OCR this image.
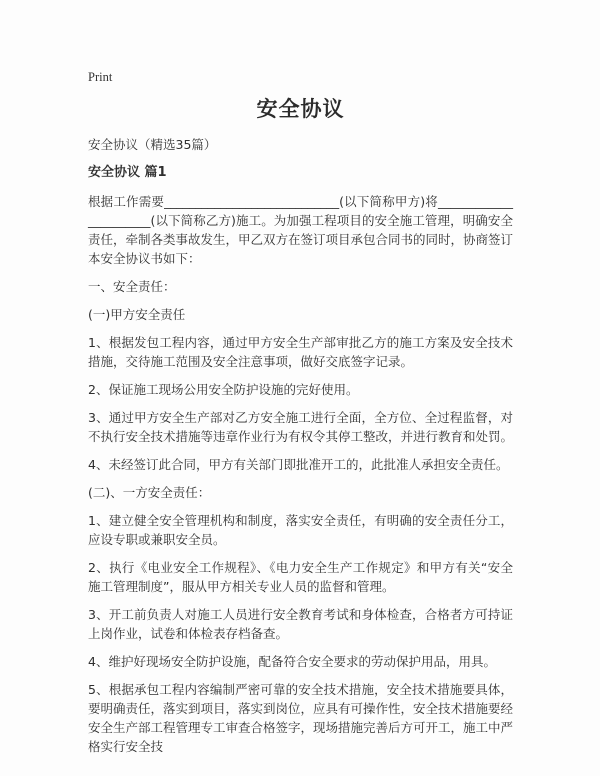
Print
安全协议
安全协议（精选35篇）
安全协议 篇1

根据工作需要____________________________(以下简称甲方)将______________________(以下简称乙方)施工。为加强工程项目的安全施工管理，明确安全责任，牵制各类事故发生，甲乙双方在签订项目承包合同书的同时，协商签订本安全协议书如下：

一、安全责任：

(一)甲方安全责任

1、根据发包工程内容，通过甲方安全生产部审批乙方的施工方案及安全技术措施，交待施工范围及安全注意事项，做好交底签字记录。

2、保证施工现场公用安全防护设施的完好使用。

3、通过甲方安全生产部对乙方安全施工进行全面，全方位、全过程监督，对不执行安全技术措施等违章作业行为有权令其停工整改，并进行教育和处罚。

4、未经签订此合同，甲方有关部门即批准开工的，此批准人承担安全责任。

(二)、一方安全责任：

1、建立健全安全管理机构和制度，落实安全责任，有明确的安全责任分工，应设专职或兼职安全员。

2、执行《电业安全工作规程》、《电力安全生产工作规定》和甲方有关“安全施工管理制度”，服从甲方相关专业人员的监督和管理。

3、开工前负责人对施工人员进行安全教育考试和身体检查，合格者方可持证上岗作业，试卷和体检表存档备查。

4、维护好现场安全防护设施，配备符合安全要求的劳动保护用品，用具。

5、根据承包工程内容编制严密可靠的安全技术措施，安全技术措施要具体，要明确责任，落实到项目，落实到岗位，应具有可操作性，安全技术措施要经安全生产部工程管理专工审查合格签字，现场措施完善后方可开工，施工中严格实行安全技
